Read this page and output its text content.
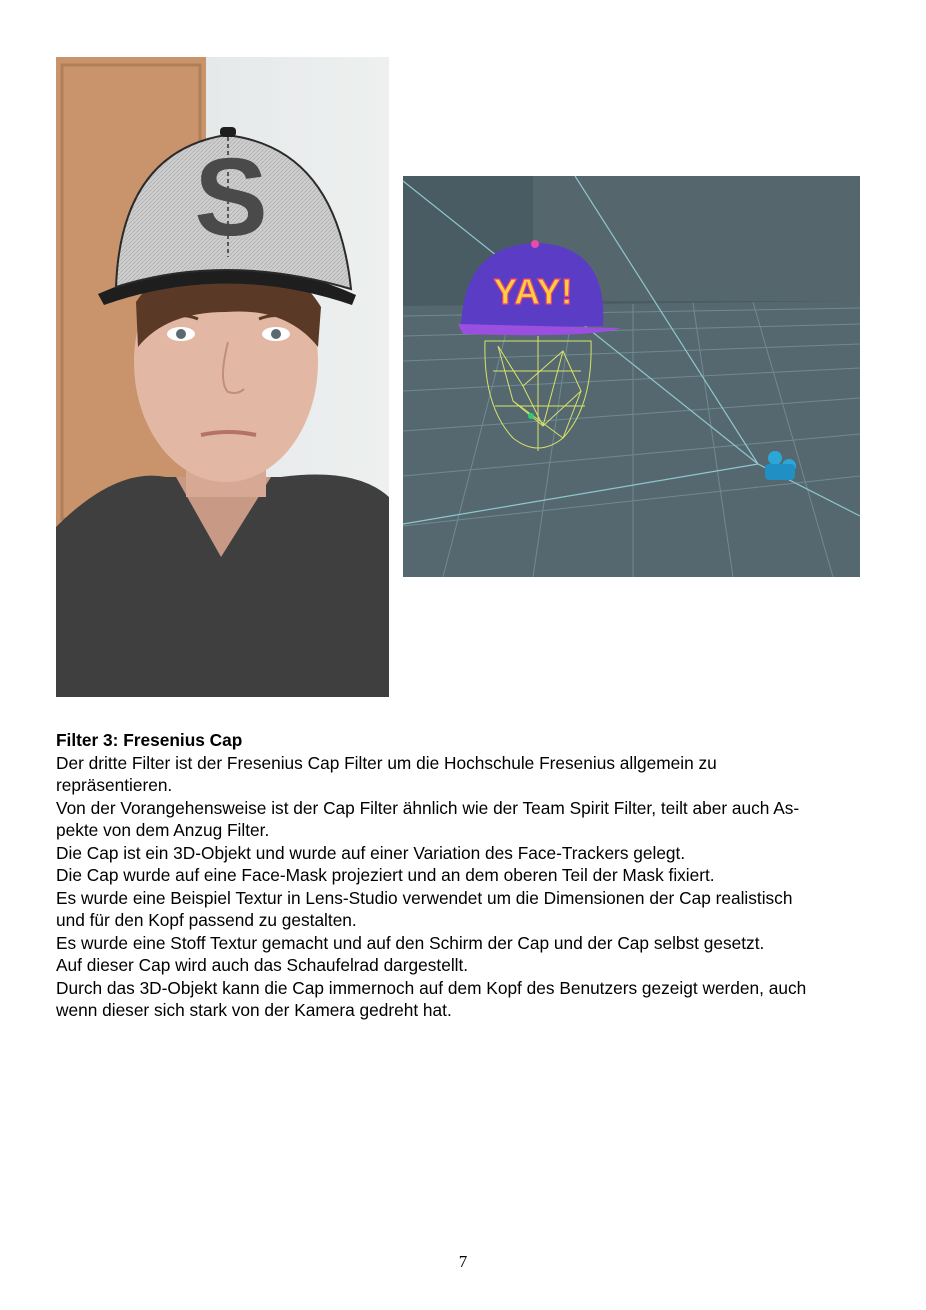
S
YAY!

Filter 3: Fresenius Cap

Der dritte Filter ist der Fresenius Cap Filter um die Hochschule Fresenius allgemein zu

repräsentieren.

Von der Vorangehensweise ist der Cap Filter ähnlich wie der Team Spirit Filter, teilt aber auch As-

pekte von dem Anzug Filter.

Die Cap ist ein 3D-Objekt und wurde auf einer Variation des Face-Trackers gelegt.

Die Cap wurde auf eine Face-Mask projeziert und an dem oberen Teil der Mask fixiert.

Es wurde eine Beispiel Textur in Lens-Studio verwendet um die Dimensionen der Cap realistisch

und für den Kopf passend zu gestalten.

Es wurde eine Stoff Textur gemacht und auf den Schirm der Cap und der Cap selbst gesetzt.

Auf dieser Cap wird auch das Schaufelrad dargestellt.

Durch das 3D-Objekt kann die Cap immernoch auf dem Kopf des Benutzers gezeigt werden, auch

wenn dieser sich stark von der Kamera gedreht hat.

7
